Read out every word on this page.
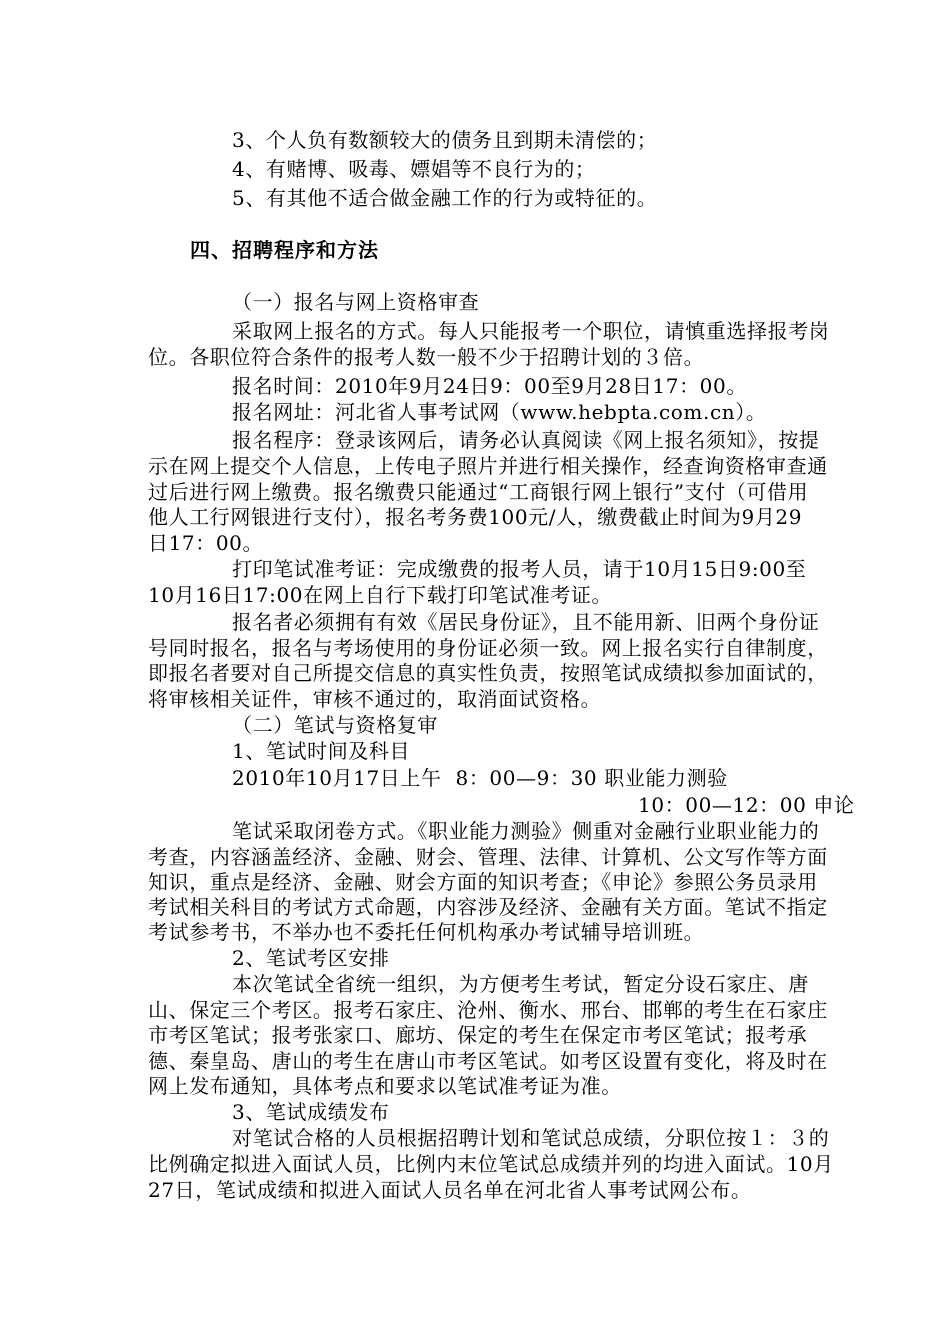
3、个人负有数额较大的债务且到期未清偿的；
4、有赌博、吸毒、嫖娼等不良行为的；
5、有其他不适合做金融工作的行为或特征的。
四、招聘程序和方法
（一）报名与网上资格审查
采取网上报名的方式。每人只能报考一个职位，请慎重选择报考岗
位。各职位符合条件的报考人数一般不少于招聘计划的３倍。
报名时间：2010年9月24日9：00至9月28日17：00。
报名网址：河北省人事考试网（www.hebpta.com.cn）。
报名程序：登录该网后，请务必认真阅读《网上报名须知》，按提
示在网上提交个人信息，上传电子照片并进行相关操作，经查询资格审查通
过后进行网上缴费。报名缴费只能通过“工商银行网上银行”支付（可借用
他人工行网银进行支付），报名考务费100元/人，缴费截止时间为9月29
日17：00。
打印笔试准考证：完成缴费的报考人员，请于10月15日9:00至
10月16日17:00在网上自行下载打印笔试准考证。
报名者必须拥有有效《居民身份证》，且不能用新、旧两个身份证
号同时报名，报名与考场使用的身份证必须一致。网上报名实行自律制度，
即报名者要对自己所提交信息的真实性负责，按照笔试成绩拟参加面试的，
将审核相关证件，审核不通过的，取消面试资格。
（二）笔试与资格复审
1、笔试时间及科目
2010年10月17日上午  8：00—9：30 职业能力测验
10：00—12：00 申论
笔试采取闭卷方式。《职业能力测验》侧重对金融行业职业能力的
考查，内容涵盖经济、金融、财会、管理、法律、计算机、公文写作等方面
知识，重点是经济、金融、财会方面的知识考查；《申论》参照公务员录用
考试相关科目的考试方式命题，内容涉及经济、金融有关方面。笔试不指定
考试参考书，不举办也不委托任何机构承办考试辅导培训班。
2、笔试考区安排
本次笔试全省统一组织，为方便考生考试，暂定分设石家庄、唐
山、保定三个考区。报考石家庄、沧州、衡水、邢台、邯郸的考生在石家庄
市考区笔试；报考张家口、廊坊、保定的考生在保定市考区笔试；报考承
德、秦皇岛、唐山的考生在唐山市考区笔试。如考区设置有变化，将及时在
网上发布通知，具体考点和要求以笔试准考证为准。
3、笔试成绩发布
对笔试合格的人员根据招聘计划和笔试总成绩，分职位按１：３的
比例确定拟进入面试人员，比例内末位笔试总成绩并列的均进入面试。10月
27日，笔试成绩和拟进入面试人员名单在河北省人事考试网公布。
